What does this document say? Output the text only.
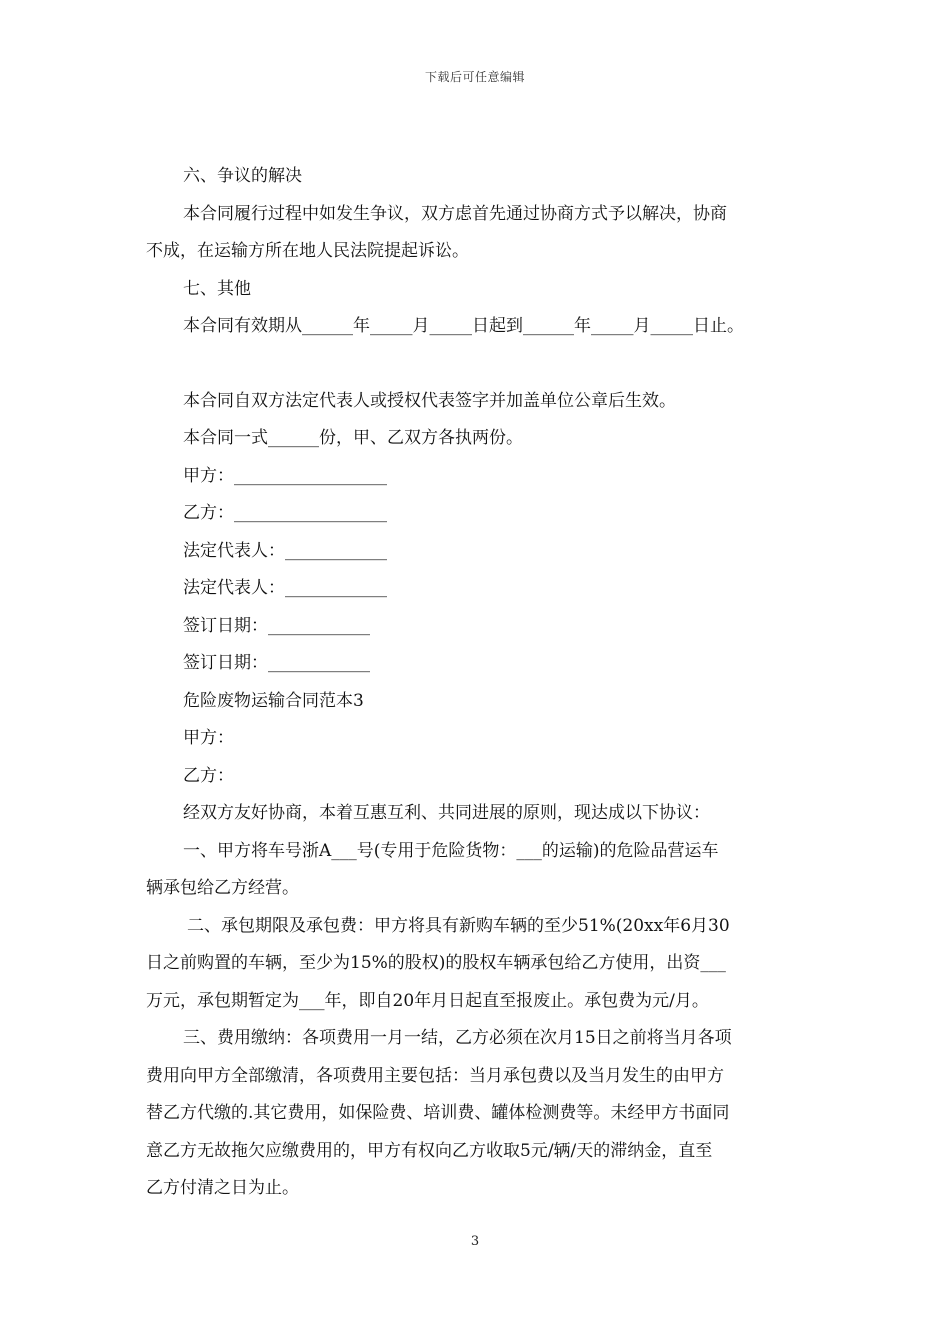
下载后可任意编辑
六、争议的解决
本合同履行过程中如发生争议，双方虑首先通过协商方式予以解决，协商
不成，在运输方所在地人民法院提起诉讼。
七、其他
本合同有效期从______年_____月_____日起到______年_____月_____日止。
本合同自双方法定代表人或授权代表签字并加盖单位公章后生效。
本合同一式______份，甲、乙双方各执两份。
甲方：__________________
乙方：__________________
法定代表人：____________
法定代表人：____________
签订日期：____________
签订日期：____________
危险废物运输合同范本3
甲方：
乙方：
经双方友好协商，本着互惠互利、共同进展的原则，现达成以下协议：
一、甲方将车号浙A___号(专用于危险货物：___的运输)的危险品营运车
辆承包给乙方经营。
二、承包期限及承包费：甲方将具有新购车辆的至少51%(20xx年6月30
日之前购置的车辆，至少为15%的股权)的股权车辆承包给乙方使用，出资___
万元，承包期暂定为___年，即自20年月日起直至报废止。承包费为元/月。
三、费用缴纳：各项费用一月一结，乙方必须在次月15日之前将当月各项
费用向甲方全部缴清，各项费用主要包括：当月承包费以及当月发生的由甲方
替乙方代缴的.其它费用，如保险费、培训费、罐体检测费等。未经甲方书面同
意乙方无故拖欠应缴费用的，甲方有权向乙方收取5元/辆/天的滞纳金，直至
乙方付清之日为止。
3
